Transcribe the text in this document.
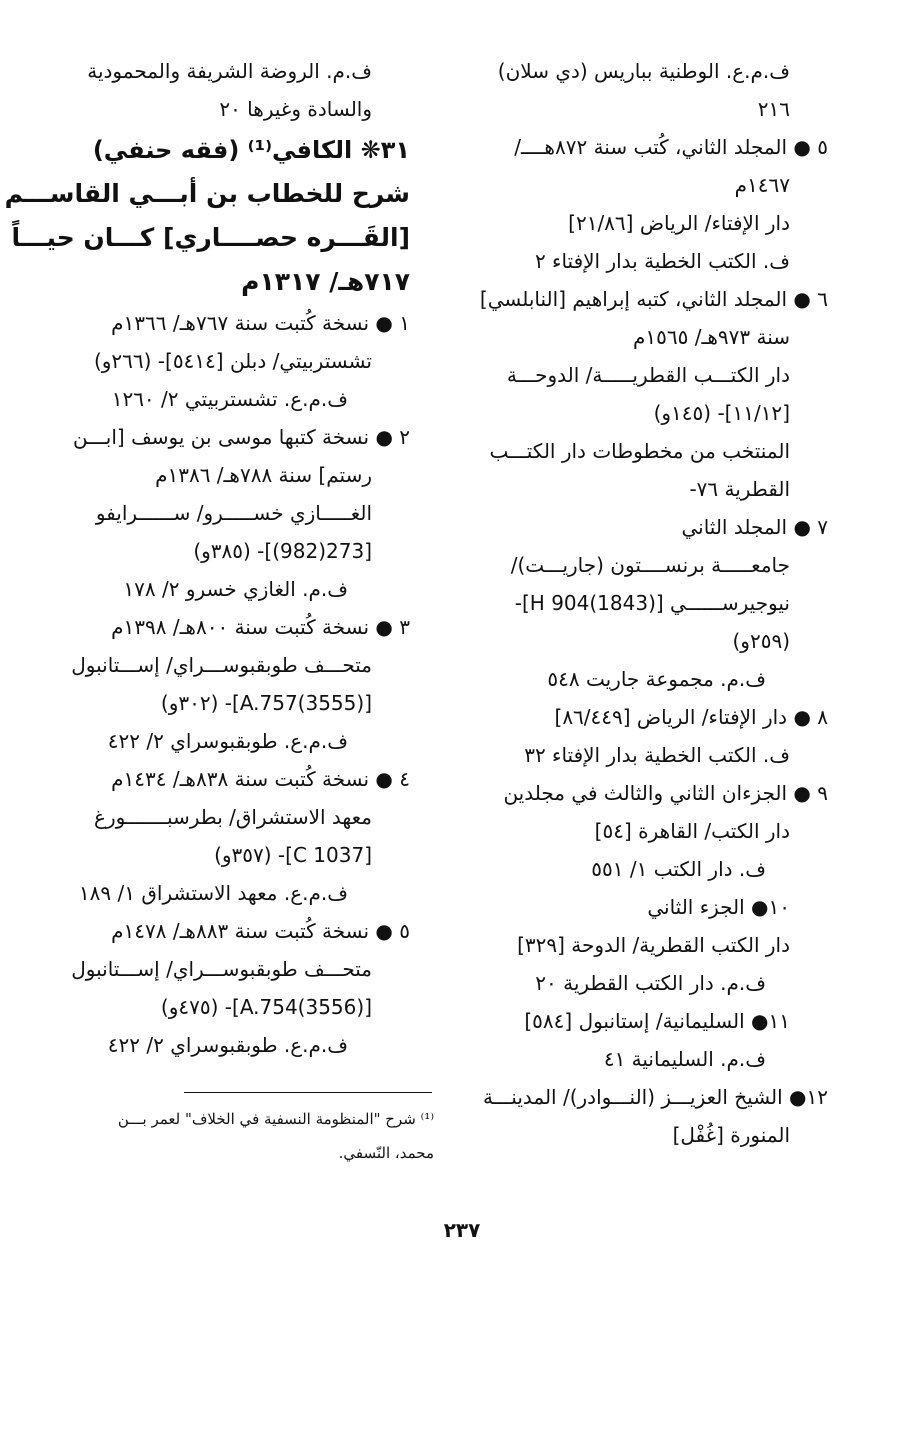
ف.م.ع. الوطنية بباريس (دي سلان)
٢١٦
٥ ● المجلد الثاني، كُتب سنة ٨٧٢هــــ/
١٤٦٧م
دار الإفتاء/ الرياض [٢١/٨٦]
ف. الكتب الخطية بدار الإفتاء ٢
٦ ● المجلد الثاني، كتبه إبراهيم [النابلسي]
سنة ٩٧٣هـ/ ١٥٦٥م
دار الكتـــب القطريـــــة/ الدوحـــة
[١١/١٢]- (١٤٥و)
المنتخب من مخطوطات دار الكتـــب
القطرية ٧٦-
٧ ● المجلد الثاني
جامعـــــة برنســــتون (جاريـــت)/
نيوجيرســــــي [H 904(1843)]-
(٢٥٩و)
ف.م. مجموعة جاريت ٥٤٨
٨ ● دار الإفتاء/ الرياض [٨٦/٤٤٩]
ف. الكتب الخطية بدار الإفتاء ٣٢
٩ ● الجزءان الثاني والثالث في مجلدين
دار الكتب/ القاهرة [٥٤]
ف. دار الكتب ١/ ٥٥١
١٠● الجزء الثاني
دار الكتب القطرية/ الدوحة [٣٢٩]
ف.م. دار الكتب القطرية ٢٠
١١● السليمانية/ إستانبول [٥٨٤]
ف.م. السليمانية ٤١
١٢● الشيخ العزيـــز (النـــوادر)/ المدينـــة
المنورة [غُفْل]
ف.م. الروضة الشريفة والمحمودية
والسادة وغيرها ٢٠
٣١❋ الكافي⁽¹⁾ (فقه حنفي)
شرح للخطاب بن أبـــي القاســـم
[القَـــره حصــــاري] كـــان حيـــاً
٧١٧هـ/ ١٣١٧م
١ ● نسخة كُتبت سنة ٧٦٧هـ/ ١٣٦٦م
تشستربيتي/ دبلن [٥٤١٤]- (٢٦٦و)
ف.م.ع. تشستربيتي ٢/ ١٢٦٠
٢ ● نسخة كتبها موسى بن يوسف [ابـــن
رستم] سنة ٧٨٨هـ/ ١٣٨٦م
الغـــــازي خســـــرو/ ســــــرايفو
[273(982)]- (٣٨٥و)
ف.م. الغازي خسرو ٢/ ١٧٨
٣ ● نسخة كُتبت سنة ٨٠٠هـ/ ١٣٩٨م
متحـــف طوبقبوســـراي/ إســـتانبول
[A.757(3555)]- (٣٠٢و)
ف.م.ع. طوبقبوسراي ٢/ ٤٢٢
٤ ● نسخة كُتبت سنة ٨٣٨هـ/ ١٤٣٤م
معهد الاستشراق/ بطرسبـــــــورغ
[C 1037]- (٣٥٧و)
ف.م.ع. معهد الاستشراق ١/ ١٨٩
٥ ● نسخة كُتبت سنة ٨٨٣هـ/ ١٤٧٨م
متحـــف طوبقبوســـراي/ إســـتانبول
[A.754(3556)]- (٤٧٥و)
ف.م.ع. طوبقبوسراي ٢/ ٤٢٢
⁽¹⁾ شرح "المنظومة النسفية في الخلاف" لعمر بـــن
محمد، النّسفي.
٢٣٧
